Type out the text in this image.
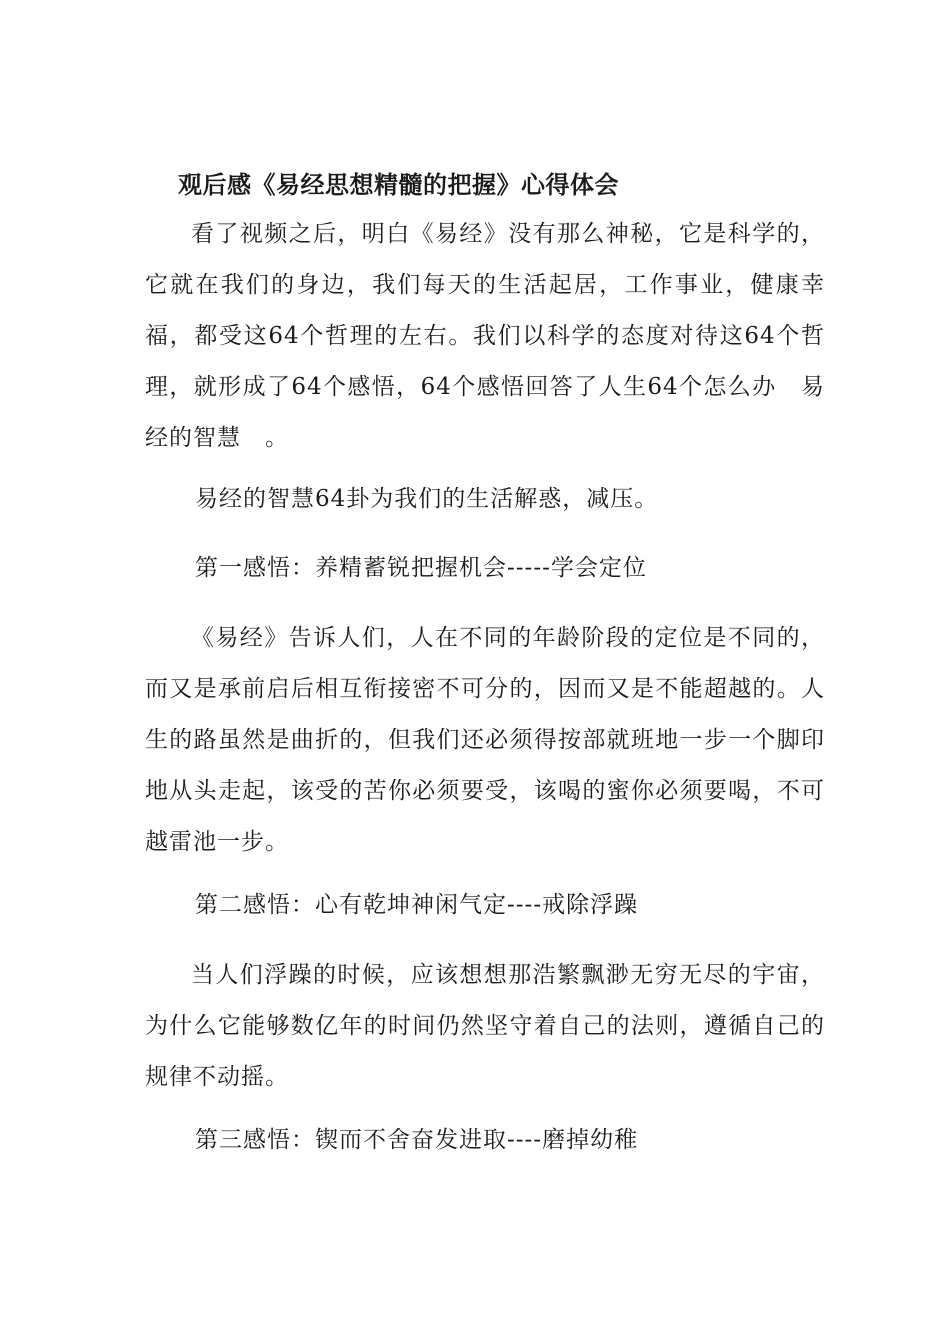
观后感《易经思想精髓的把握》心得体会

看了视频之后，明白《易经》没有那么神秘，它是科学的，它就在我们的身边，我们每天的生活起居，工作事业，健康幸福，都受这64个哲理的左右。我们以科学的态度对待这64个哲理，就形成了64个感悟，64个感悟回答了人生64个怎么办　易经的智慧　。

易经的智慧64卦为我们的生活解惑，减压。

第一感悟：养精蓄锐把握机会-----学会定位

《易经》告诉人们，人在不同的年龄阶段的定位是不同的，而又是承前启后相互衔接密不可分的，因而又是不能超越的。人生的路虽然是曲折的，但我们还必须得按部就班地一步一个脚印地从头走起，该受的苦你必须要受，该喝的蜜你必须要喝，不可越雷池一步。

第二感悟：心有乾坤神闲气定----戒除浮躁

当人们浮躁的时候，应该想想那浩繁飘渺无穷无尽的宇宙，为什么它能够数亿年的时间仍然坚守着自己的法则，遵循自己的规律不动摇。

第三感悟：锲而不舍奋发进取----磨掉幼稚
